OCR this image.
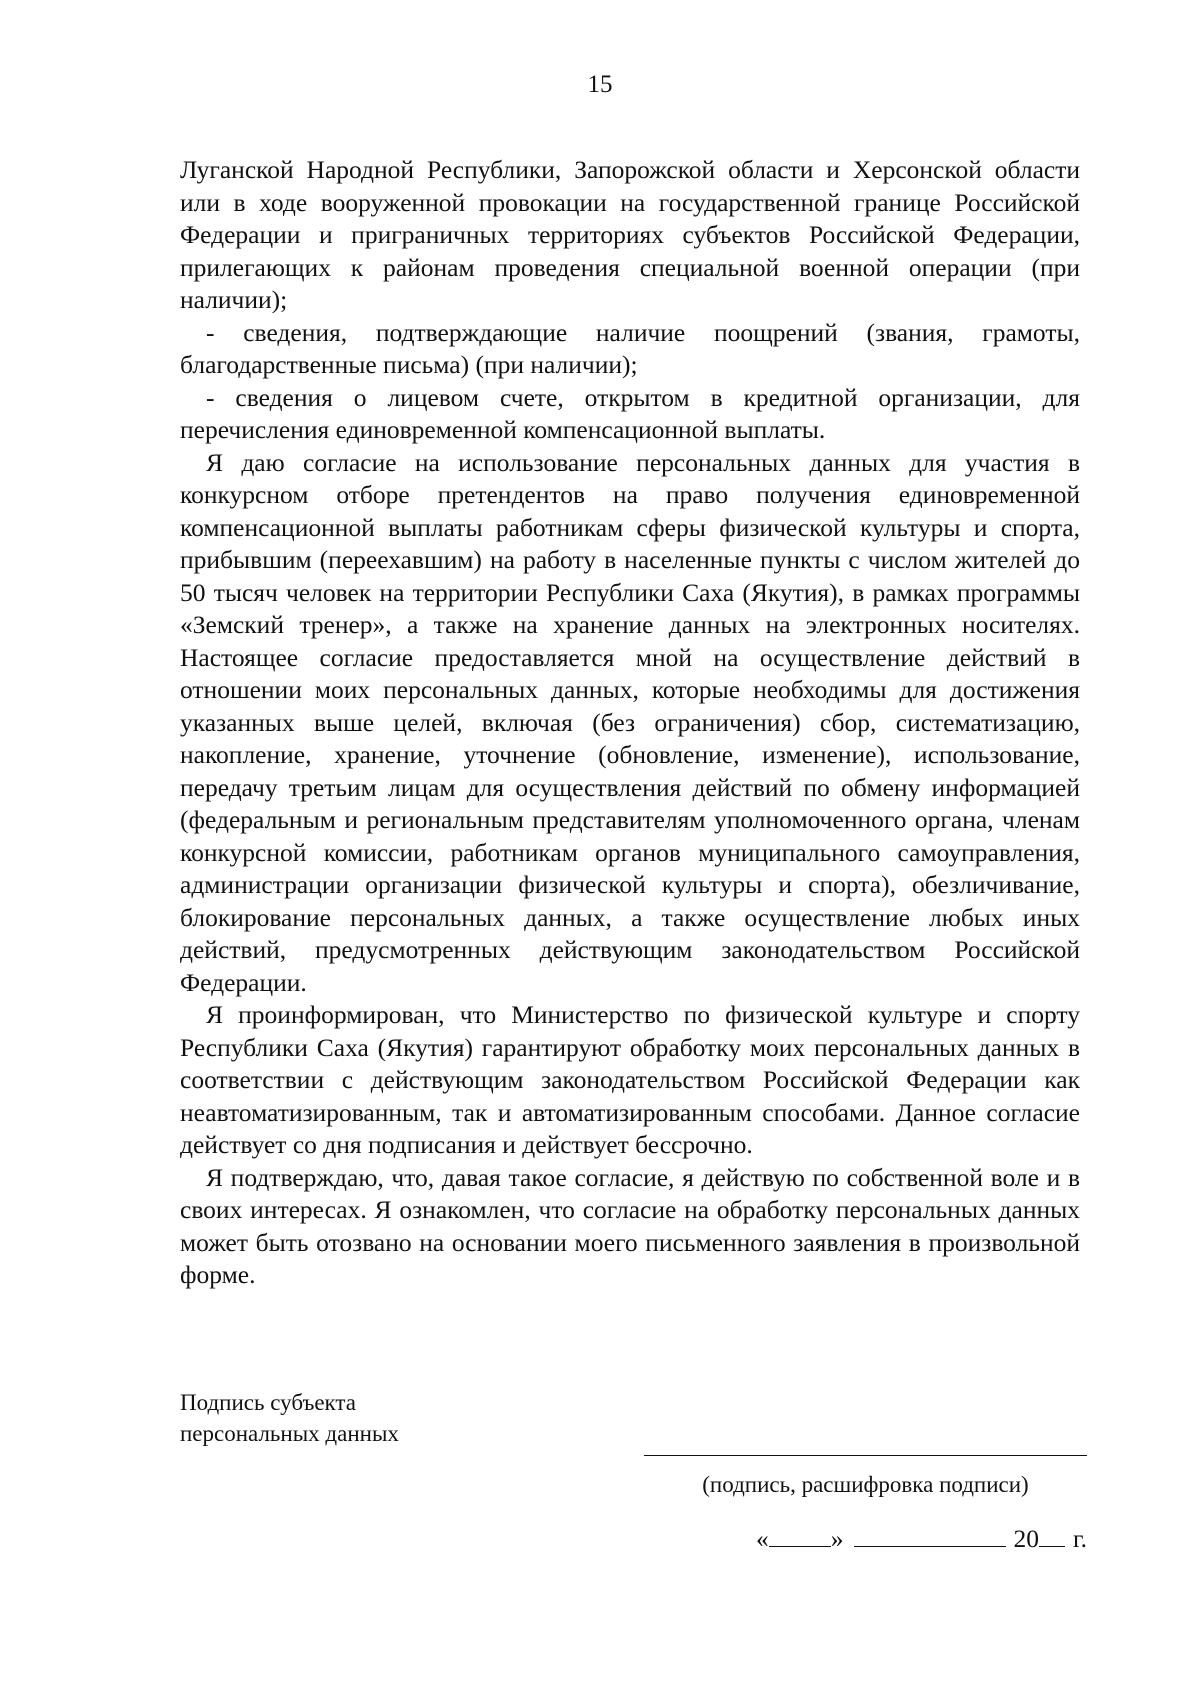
15

Луганской Народной Республики, Запорожской области и Херсонской области или в ходе вооруженной провокации на государственной границе Российской Федерации и приграничных территориях субъектов Российской Федерации, прилегающих к районам проведения специальной военной операции (при наличии);

- сведения, подтверждающие наличие поощрений (звания, грамоты, благодарственные письма) (при наличии);

- сведения о лицевом счете, открытом в кредитной организации, для перечисления единовременной компенсационной выплаты.

Я даю согласие на использование персональных данных для участия в конкурсном отборе претендентов на право получения единовременной компенсационной выплаты работникам сферы физической культуры и спорта, прибывшим (переехавшим) на работу в населенные пункты с числом жителей до 50 тысяч человек на территории Республики Саха (Якутия), в рамках программы «Земский тренер», а также на хранение данных на электронных носителях. Настоящее согласие предоставляется мной на осуществление действий в отношении моих персональных данных, которые необходимы для достижения указанных выше целей, включая (без ограничения) сбор, систематизацию, накопление, хранение, уточнение (обновление, изменение), использование, передачу третьим лицам для осуществления действий по обмену информацией (федеральным и региональным представителям уполномоченного органа, членам конкурсной комиссии, работникам органов муниципального самоуправления, администрации организации физической культуры и спорта), обезличивание, блокирование персональных данных, а также осуществление любых иных действий, предусмотренных действующим законодательством Российской Федерации.

Я проинформирован, что Министерство по физической культуре и спорту Республики Саха (Якутия) гарантируют обработку моих персональных данных в соответствии с действующим законодательством Российской Федерации как неавтоматизированным, так и автоматизированным способами. Данное согласие действует со дня подписания и действует бессрочно.

Я подтверждаю, что, давая такое согласие, я действую по собственной воле и в своих интересах. Я ознакомлен, что согласие на обработку персональных данных может быть отозвано на основании моего письменного заявления в произвольной форме.

Подпись субъекта
персональных данных
(подпись, расшифровка подписи)
« »	20 г.
